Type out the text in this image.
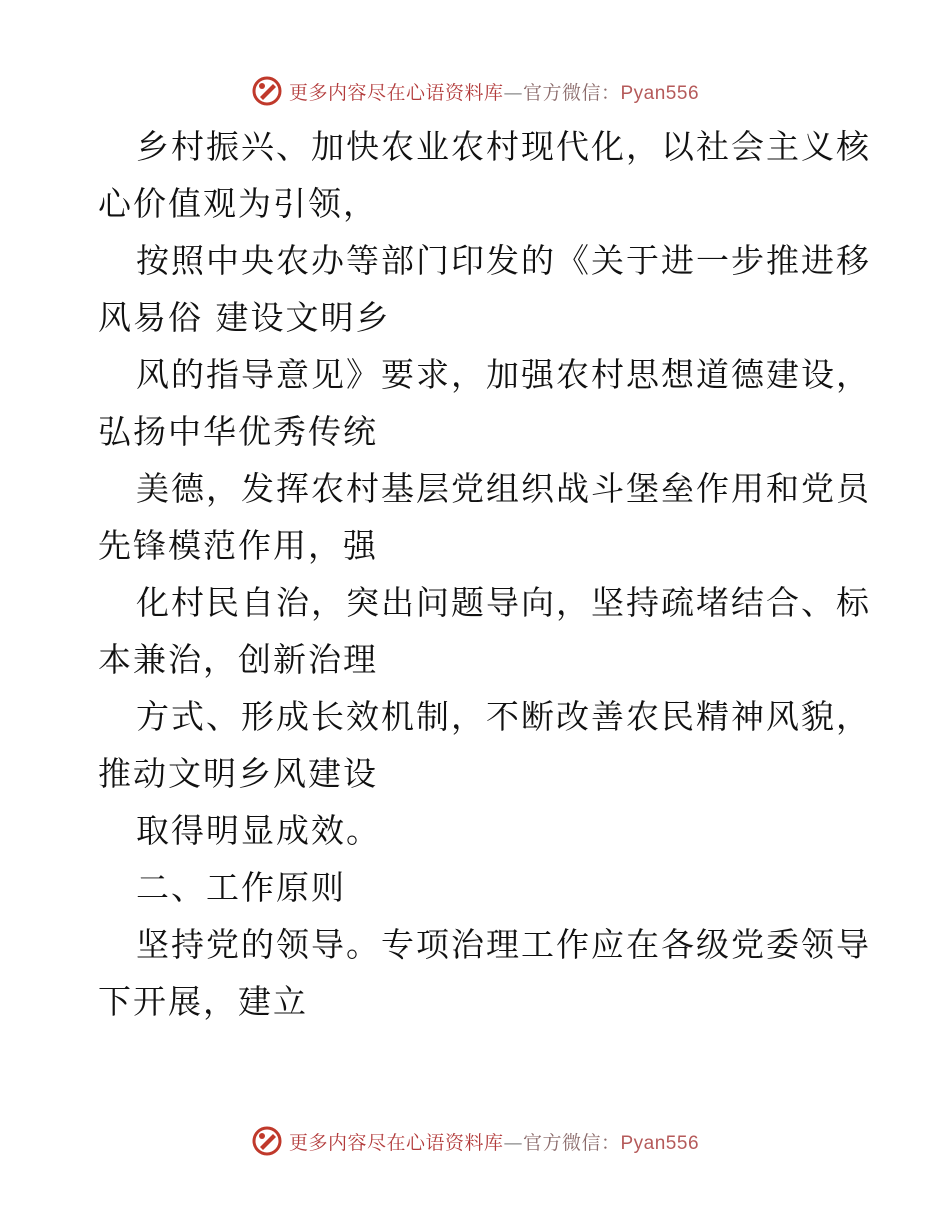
更多内容尽在心语资料库—官方微信：Pyan556
乡村振兴、加快农业农村现代化，以社会主义核
心价值观为引领，
按照中央农办等部门印发的《关于进一步推进移
风易俗 建设文明乡
风的指导意见》要求，加强农村思想道德建设，
弘扬中华优秀传统
美德，发挥农村基层党组织战斗堡垒作用和党员
先锋模范作用，强
化村民自治，突出问题导向，坚持疏堵结合、标
本兼治，创新治理
方式、形成长效机制，不断改善农民精神风貌，
推动文明乡风建设
取得明显成效。
二、工作原则
坚持党的领导。专项治理工作应在各级党委领导
下开展，建立
更多内容尽在心语资料库—官方微信：Pyan556
